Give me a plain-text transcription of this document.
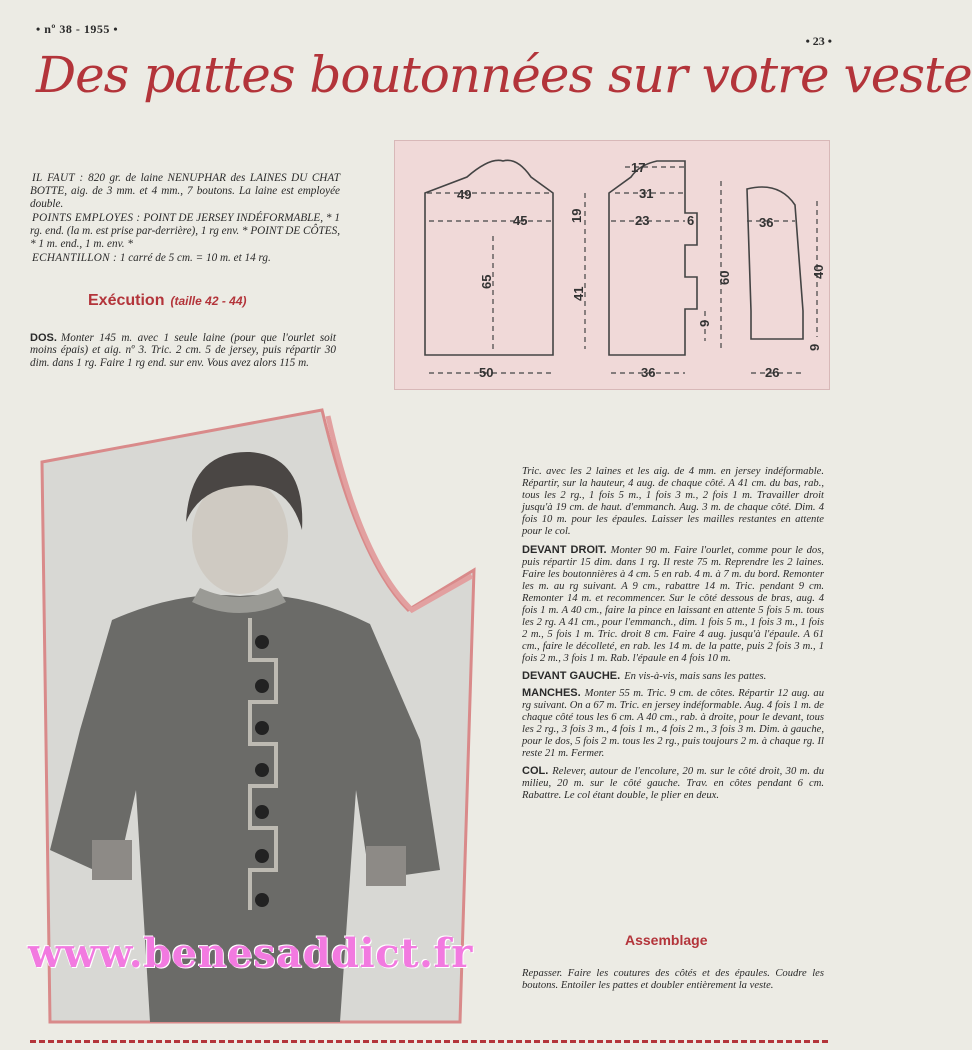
• nº 38 - 1955 •
• 23 •
Des pattes boutonnées sur votre veste

IL FAUT : 820 gr. de laine NENUPHAR des LAINES DU CHAT BOTTE, aig. de 3 mm. et 4 mm., 7 boutons. La laine est employée double.

POINTS EMPLOYES : POINT DE JERSEY INDÉFORMABLE, * 1 rg. end. (la m. est prise par-derrière), 1 rg env. * POINT DE CÔTES, * 1 m. end., 1 m. env. *

ECHANTILLON : 1 carré de 5 cm. = 10 m. et 14 rg.

Exécution (taille 42 - 44)
DOS. Monter 145 m. avec 1 seule laine (pour que l'ourlet soit moins épais) et aig. nº 3. Tric. 2 cm. 5 de jersey, puis répartir 30 dim. dans 1 rg. Faire 1 rg end. sur env. Vous avez alors 115 m.
49
45	19
65
41
50
17
31
23	6
60
9
36
36
40
9
26

Tric. avec les 2 laines et les aig. de 4 mm. en jersey indéformable. Répartir, sur la hauteur, 4 aug. de chaque côté. A 41 cm. du bas, rab., tous les 2 rg., 1 fois 5 m., 1 fois 3 m., 2 fois 1 m. Travailler droit jusqu'à 19 cm. de haut. d'emmanch. Aug. 3 m. de chaque côté. Dim. 4 fois 10 m. pour les épaules. Laisser les mailles restantes en attente pour le col.

DEVANT DROIT. Monter 90 m. Faire l'ourlet, comme pour le dos, puis répartir 15 dim. dans 1 rg. Il reste 75 m. Reprendre les 2 laines. Faire les boutonnières à 4 cm. 5 en rab. 4 m. à 7 m. du bord. Remonter les m. au rg suivant. A 9 cm., rabattre 14 m. Tric. pendant 9 cm. Remonter 14 m. et recommencer. Sur le côté dessous de bras, aug. 4 fois 1 m. A 40 cm., faire la pince en laissant en attente 5 fois 5 m. tous les 2 rg. A 41 cm., pour l'emmanch., dim. 1 fois 5 m., 1 fois 3 m., 1 fois 2 m., 5 fois 1 m. Tric. droit 8 cm. Faire 4 aug. jusqu'à l'épaule. A 61 cm., faire le décolleté, en rab. les 14 m. de la patte, puis 2 fois 3 m., 1 fois 2 m., 3 fois 1 m. Rab. l'épaule en 4 fois 10 m.

DEVANT GAUCHE. En vis-à-vis, mais sans les pattes.

MANCHES. Monter 55 m. Tric. 9 cm. de côtes. Répartir 12 aug. au rg suivant. On a 67 m. Tric. en jersey indéformable. Aug. 4 fois 1 m. de chaque côté tous les 6 cm. A 40 cm., rab. à droite, pour le devant, tous les 2 rg., 3 fois 3 m., 4 fois 1 m., 4 fois 2 m., 3 fois 3 m. Dim. à gauche, pour le dos, 5 fois 2 m. tous les 2 rg., puis toujours 2 m. à chaque rg. Il reste 21 m. Fermer.

COL. Relever, autour de l'encolure, 20 m. sur le côté droit, 30 m. du milieu, 20 m. sur le côté gauche. Trav. en côtes pendant 6 cm. Rabattre. Le col étant double, le plier en deux.

Assemblage
Repasser. Faire les coutures des côtés et des épaules. Coudre les boutons. Entoiler les pattes et doubler entièrement la veste.
www.benesaddict.fr
